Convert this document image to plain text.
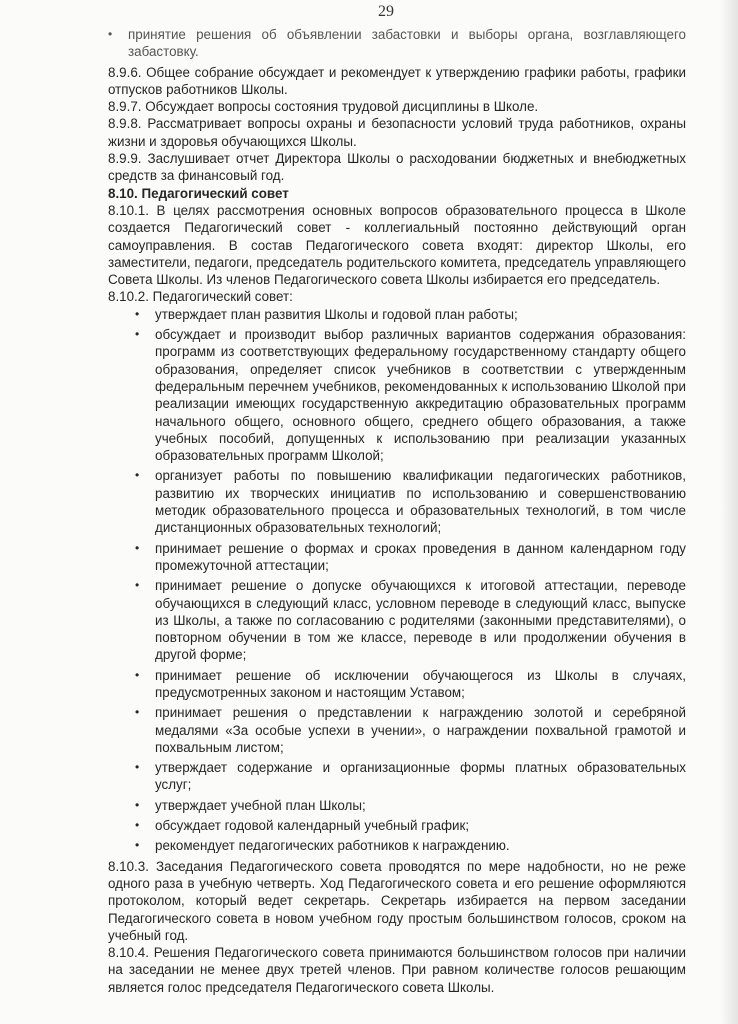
29
• принятие решения об объявлении забастовки и выборы органа, возглавляющего забастовку.

8.9.6. Общее собрание обсуждает и рекомендует к утверждению графики работы, графики отпусков работников Школы.

8.9.7. Обсуждает вопросы состояния трудовой дисциплины в Школе.

8.9.8. Рассматривает вопросы охраны и безопасности условий труда работников, охраны жизни и здоровья обучающихся Школы.

8.9.9. Заслушивает отчет Директора Школы о расходовании бюджетных и внебюджетных средств за финансовый год.

8.10. Педагогический совет

8.10.1. В целях рассмотрения основных вопросов образовательного процесса в Школе создается Педагогический совет - коллегиальный постоянно действующий орган самоуправления. В состав Педагогического совета входят: директор Школы, его заместители, педагоги, председатель родительского комитета, председатель управляющего Совета Школы. Из членов Педагогического совета Школы избирается его председатель.

8.10.2. Педагогический совет:

• утверждает план развития Школы и годовой план работы;
• обсуждает и производит выбор различных вариантов содержания образования: программ из соответствующих федеральному государственному стандарту общего образования, определяет список учебников в соответствии с утвержденным федеральным перечнем учебников, рекомендованных к использованию Школой при реализации имеющих государственную аккредитацию образовательных программ начального общего, основного общего, среднего общего образования, а также учебных пособий, допущенных к использованию при реализации указанных образовательных программ Школой;
• организует работы по повышению квалификации педагогических работников, развитию их творческих инициатив по использованию и совершенствованию методик образовательного процесса и образовательных технологий, в том числе дистанционных образовательных технологий;
• принимает решение о формах и сроках проведения в данном календарном году промежуточной аттестации;
• принимает решение о допуске обучающихся к итоговой аттестации, переводе обучающихся в следующий класс, условном переводе в следующий класс, выпуске из Школы, а также по согласованию с родителями (законными представителями), о повторном обучении в том же классе, переводе в или продолжении обучения в другой форме;
• принимает решение об исключении обучающегося из Школы в случаях, предусмотренных законом и настоящим Уставом;
• принимает решения о представлении к награждению золотой и серебряной медалями «За особые успехи в учении», о награждении похвальной грамотой и похвальным листом;
• утверждает содержание и организационные формы платных образовательных услуг;
• утверждает учебной план Школы;
• обсуждает годовой календарный учебный график;
• рекомендует педагогических работников к награждению.

8.10.3. Заседания Педагогического совета проводятся по мере надобности, но не реже одного раза в учебную четверть. Ход Педагогического совета и его решение оформляются протоколом, который ведет секретарь. Секретарь избирается на первом заседании Педагогического совета в новом учебном году простым большинством голосов, сроком на учебный год.

8.10.4. Решения Педагогического совета принимаются большинством голосов при наличии на заседании не менее двух третей членов. При равном количестве голосов решающим является голос председателя Педагогического совета Школы.
